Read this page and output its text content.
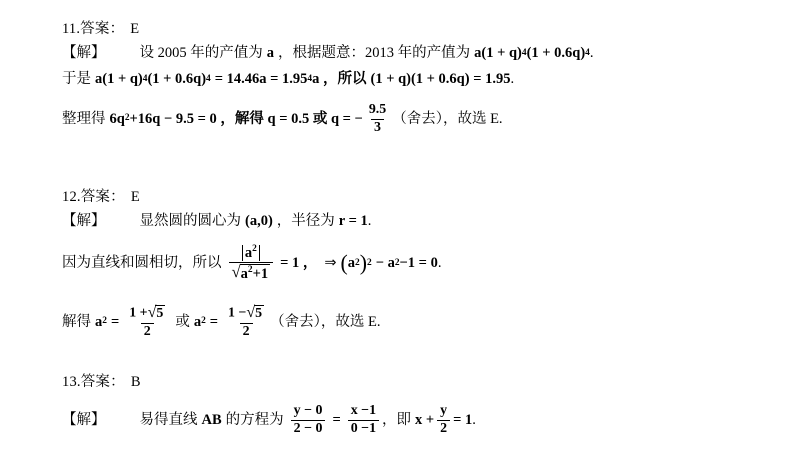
11.答案： E
【解】 设 2005 年的产值为 a ，根据题意：2013 年的产值为 a(1 + q) 4 (1 + 0.6q) 4 .
于是 a(1 + q) 4 (1 + 0.6q) 4 = 14.46a = 1.95 4 a ，所以 (1 + q)(1 + 0.6q) = 1.95 .
整理得 6q 2 +16q − 9.5 = 0 ，解得 q = 0.5 或 q = − $\frac{9.5}{3}$ （舍去），故选 E.
12.答案： E
【解】 显然圆的圆心为 (a,0) ，半径为 r = 1 .
因为直线和圆相切，所以 $\frac{a^2}{√ a^2+1} = 1$ ， ⇒ ( a 2 ) 2 − a 2 −1 = 0 .
解得 a $2 = \frac{1 + √ 5}{2}$ 或 a $2 = \frac{1 - √ 5}{2}$ （舍去），故选 E.
13.答案： B
【解】 易得直线 AB 的方程为 $\frac{y - 0}{2 - 0} = \frac{x -1}{0 -1}$ ，即 $x + \frac{y}{2} = 1$ .
